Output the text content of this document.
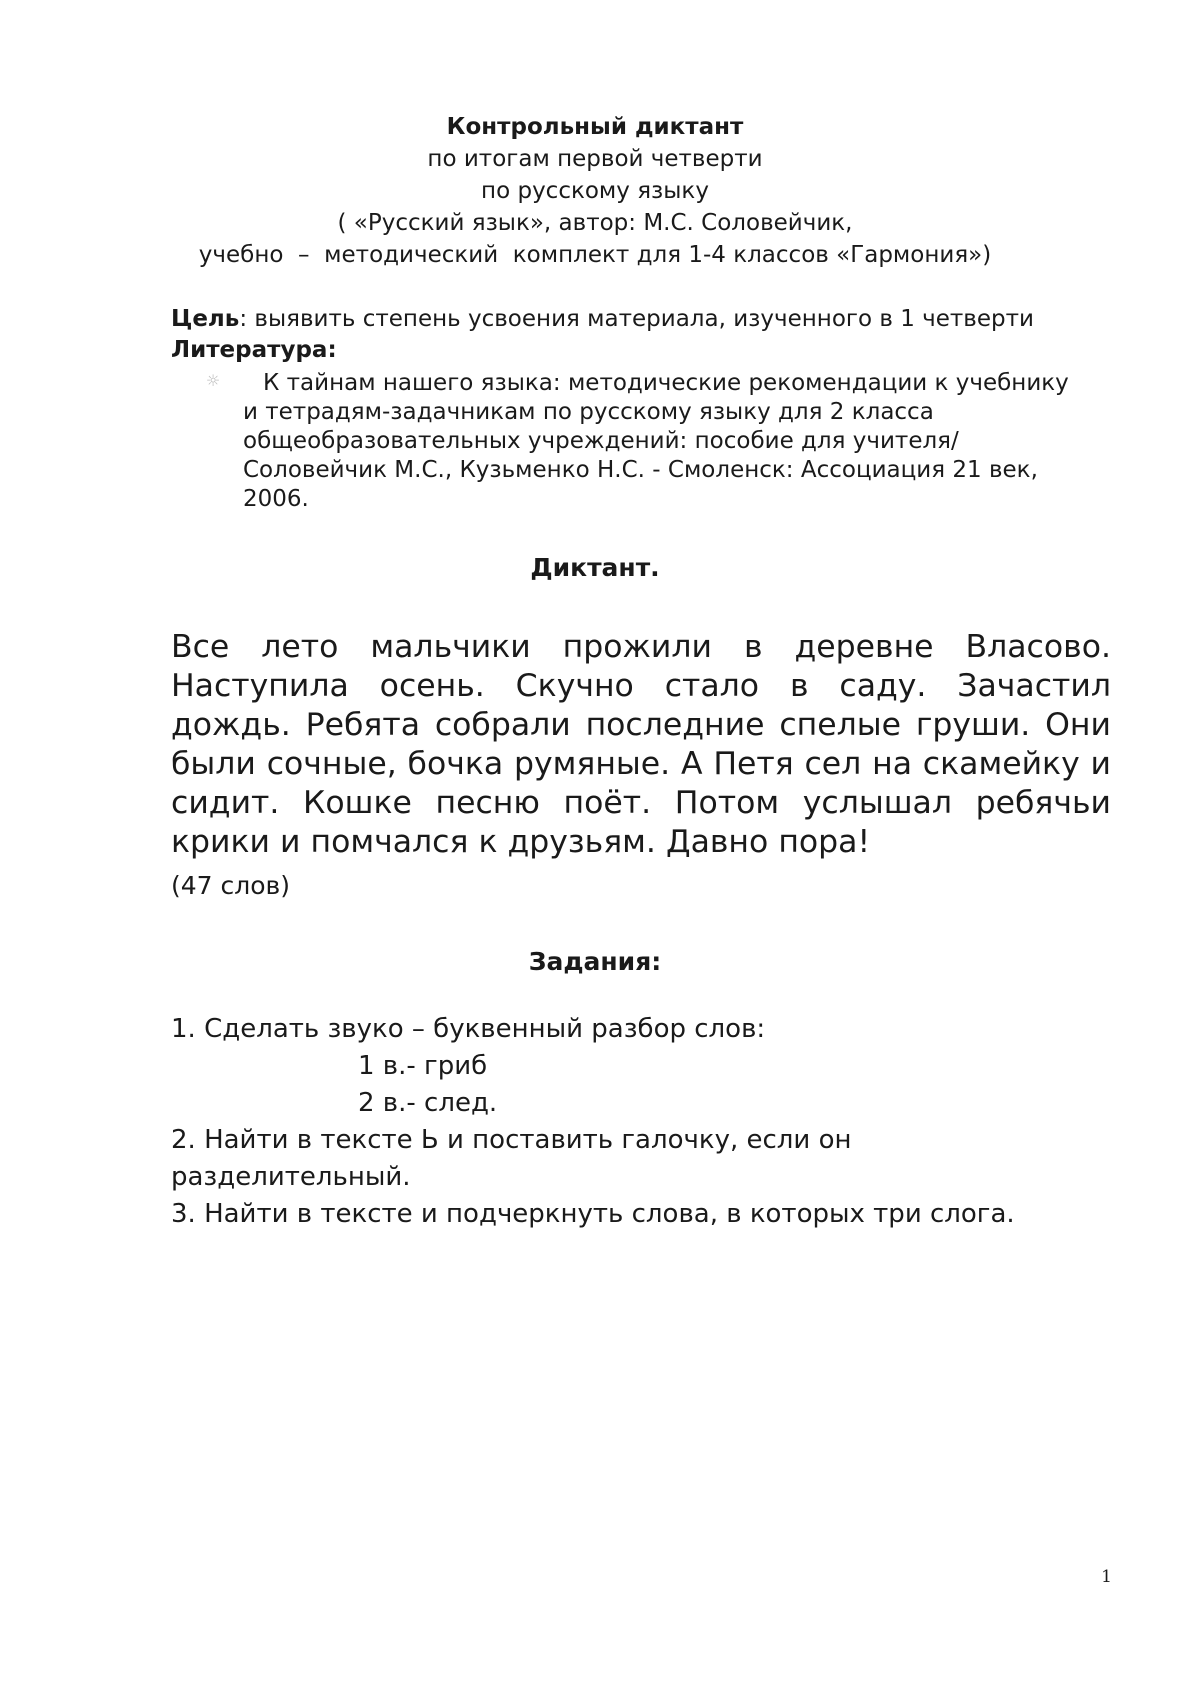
Контрольный диктант
по итогам первой четверти
по русскому языку
( «Русский язык», автор: М.С. Соловейчик,
учебно  –  методический  комплект для 1-4 классов «Гармония»)
Цель: выявить степень усвоения материала, изученного в 1 четверти
Литература:
☼	К тайнам нашего языка: методические рекомендации к учебнику
и тетрадям-задачникам по русскому языку для 2 класса
общеобразовательных учреждений: пособие для учителя/
Соловейчик М.С., Кузьменко Н.С. - Смоленск: Ассоциация 21 век,
2006.
Диктант.
Все лето мальчики прожили в деревне Власово. Наступила осень. Скучно стало в саду. Зачастил дождь. Ребята собрали последние спелые груши. Они были сочные, бочка румяные. А Петя сел на скамейку и сидит. Кошке песню поёт. Потом услышал ребячьи крики и помчался к друзьям. Давно пора!
(47 слов)
Задания:
1. Сделать звуко – буквенный разбор слов:
1 в.- гриб
2 в.- след.
2. Найти в тексте Ь и поставить галочку, если он
разделительный.
3. Найти в тексте и подчеркнуть слова, в которых три слога.
1
